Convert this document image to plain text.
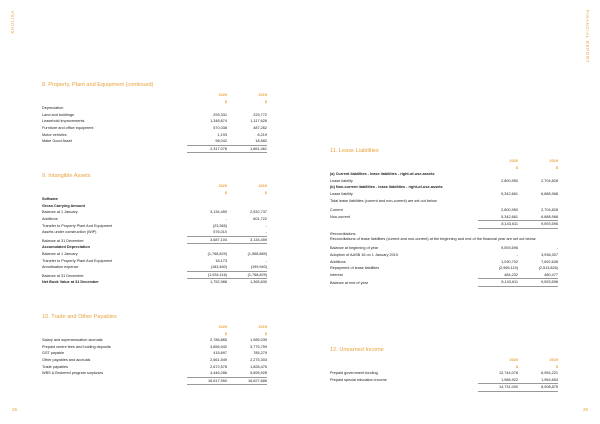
KHULISA	FINANCIAL REPORT
8. Property, Plant and Equipment (continued)
2020	2019
$	$
Depreciation
Land and buildings	299,331	229,772
Leasehold improvements	1,348,674	1,117,626
Furniture and office equipment	570,038	487,262
Motor vehicles	1,193	8,219
Make Good Asset	98,042	18,582
2,317,078	1,861,461
9. Intangible Assets
2020	2019
$	$
Software
Gross Carrying Amount
Balance at 1 January	3,134,459	2,532,737
Additions	-	601,722
Transfer to Property Plant And Equipment	(23,365)	-
Assets under construction (WIP)	576,010	-
Balance at 31 December	3,687,104	3,134,459
Accumulated Depreciation
Balance at 1 January	(1,768,829)	(1,568,889)
Transfer to Property Plant And Equipment	18,173	-
Amortisation expense	(183,460)	(199,940)
Balance at 31 December	(1,934,116)	(1,768,829)
Net Book Value at 31 December	1,752,988	1,365,630
10. Trade and Other Payables
2020	2019
$	$
Salary and superannuation accruals	2,786,865	1,985,039
Prepaid centre fees and holding deposits	3,856,942	3,775,759
GST payable	415,697	785,279
Other payables and accruals	2,661,549	2,275,303
Trade payables	2,672,578	1,828,476
WBS & Brokered program surpluses	4,446,286	5,895,928
16,617,950	16,627,686
11. Lease Liabilities
2020	2019
$	$
(a) Current liabilities - lease liabilities - right-of-use-assets
Lease liability	2,800,950	2,704,828
(b) Non-current liabilities - lease liabilities - right-of-use-assets
Lease liability	5,342,661	6,888,968
Total lease liabilities (current and non-current) are set out below
Current	2,800,950	2,704,828
Non-current	5,342,661	6,888,968
8,143,611	9,593,596
Reconciliations
Reconciliations of lease liabilities (current and non-current) at the beginning and end of the financial year are set out below:
Balance at beginning of year	9,593,596	-
Adoption of AASB 16 on 1 January 2019	-	3,936,307
Additions	1,030,702	7,692,638
Repayment of lease liabilities	(2,965,119)	(2,513,826)
Interest	484,232	480,477
Balance at end of year	8,143,611	9,593,596
12. Unearned Income
2020	2019
$	$
Prepaid government funding	12,744,078	6,954,221
Prepaid special education income	1,986,922	1,954,654
14,731,000	8,908,875
26	25
